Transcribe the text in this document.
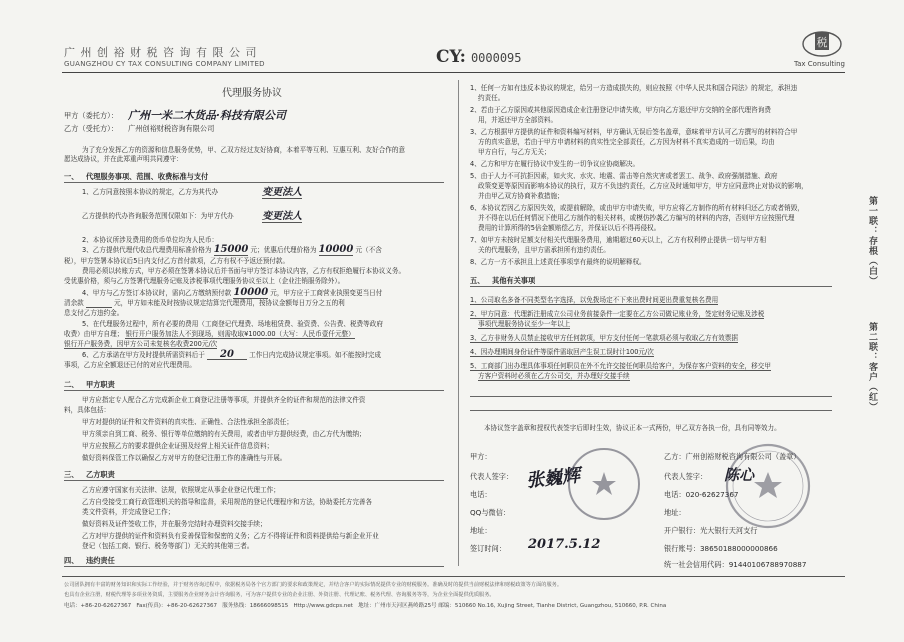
广 州 创 裕 财 税 咨 询 有 限 公 司
GUANGZHOU CY TAX CONSULTING COMPANY LIMITED	CY: 0000095
税
Tax Consulting
代理服务协议
甲方（委托方）： 广州一米二木货品·科技有限公司
乙方（受托方）： 广州创裕财税咨询有限公司
为了充分发挥乙方的资源和信息服务优势，甲、乙双方经过友好协商，本着平等互利、互惠互利、友好合作的意
愿达成协议，并在此郑重声明共同遵守：
一、 代理服务事项、范围、收费标准与支付
1、乙方同意按照本协议的规定，乙方为其代办	变更法人
乙方提供的代办咨询服务范围仅限如下：为甲方代办	变更法人
2、本协议所涉及费用的货币单位均为人民币：
3、乙方提供代理代收总代理费用标准价格为 15000 元；优惠后代理价格为 10000 元（不含
税），甲方签署本协议后5日内支付乙方首付款项，乙方有权不予返还预付款。
费用必须以转账方式，甲方必须在签署本协议后并书面与甲方签订本协议内容，乙方有权拒绝履行本协议义务。
受优惠价格，须与乙方签署代理服务记账及涉税事项代理服务协议至以上（企业注销服务除外）。
4、甲方与乙方签订本协议时，需向乙方缴纳预付款 10000 元，甲方应于工商营业执照变更当日付
清余款	元，甲方如未能及时按协议规定结算完代理费用，按协议金额每日万分之五的利
息支付乙方违约金。
5、在代理服务过程中，所有必要的费用（工商登记代理费、场地租赁费、验资费、公告费、税费等政府
收费）由甲方自理； 银行开户服务加法人不到现场，则需收取¥1000.00（大写：人民币壹仟元整）
银行开户服务费，因甲方公司未复核名收费200元/次
6、乙方承诺在甲方及时提供所需资料后于 20 工作日内完成协议规定事项。如不能按时完成
事项，乙方应全额退还已付的对应代理费用。
二、 甲方职责
甲方应指定专人配合乙方完成新企业工商登记注册等事项，并提供齐全的证件和规范的法律文件资
料，具体包括：
甲方对提供的证件和文件资料的真实性、正确性、合法性承担全部责任；
甲方须亲自到工商、税务、银行等单位缴纳的有关费用，或者由甲方提供经费，由乙方代为缴纳；
甲方应按照乙方的要求提供企业证照及经营上相关证件信息资料；
做好资料保管工作以确保乙方对甲方的登记注册工作的准确性与开展。
三、 乙方职责
乙方应遵守国家有关法律、法规，依照规定从事企业登记代理工作；
乙方自受接受工商行政管理机关的指导和监督，采用规范的登记代理程序和方法，协助委托方完善各
类文件资料，并完成登记工作；
做好资料及证件签收工作，并在服务完结时办理资料交接手续；
乙方对甲方提供的证件和资料负有妥善保管和保密的义务；乙方不得将证件和资料提供给与新企业开业
登记（包括工商、银行、税务等部门）无关的其他第三者。
四、 违约责任
1、任何一方如有违反本协议的规定，给另一方造成损失的，则应按照《中华人民共和国合同法》的规定，承担违
约责任。
2、若由于乙方原因或其他原因造成企业注册登记申请失败，甲方向乙方退还甲方交纳的全部代理咨询费
用，并返还甲方全部资料。
3、乙方根据甲方提供的证件和资料编写材料，甲方确认无误后签名盖章，意味着甲方认可乙方撰写的材料符合甲
方的真实意思，若由于甲方申请材料的真实性完全部责任，乙方因为材料不真实造成的一切后果，均由
甲方自行，与乙方无关；
4、乙方和甲方在履行协议中发生的一切争议应协商解决。
5、由于人力不可抗拒因素，如火灾、水灾、地震、雷击等自然灾害或者罢工、战争、政府强制措施、政府
政策变更等原因而影响本协议的执行，双方不负违约责任，乙方应及时通知甲方，甲方应同意终止对协议的影响，
并由甲乙双方协商补救措施；
6、本协议若因乙方原因失效，或提前解除，或由甲方申请失败，甲方应将乙方制作的所有材料归还乙方或者销毁，
并不得在以后任何情况下使用乙方制作的相关材料，或模仿抄袭乙方编写的材料的内容，否则甲方应按照代理
费用的计算所得的5倍金额赔偿乙方，并保证以后不得再侵权。
7、如甲方未按时足额支付相关代理服务费用，逾期超过60天以上，乙方有权利停止提供一切与甲方相
关的代理服务，且甲方需承担所有违约责任。
8、乙方一方不承担且上述责任事项享有最终的说明解释权。
五、 其他有关事项
1、公司取名多备不同类型名字选择，以免拨场定不下来出费时间更出费重复核名费用
2、甲方同意：代理新注册成立公司业务前接条件一定要在乙方公司做记账业务，签定财务记账及涉税
事项代理服务协议至少一年以上
3、乙方非财务人员禁止接收甲方任何款项，甲方支付任何一笔款项必须与收取乙方有效票据
4、因办理期间身份证件等原件需取回产生误工误时计100元/次
5、工商部门出办理具体事项任何职员在外不允许交接任何职员给客户，为保存客户资料的安全，移交甲
方客户资料时必须在乙方公司交，并办理好交接手续
本协议签字盖章和授权代表签字后即时生效，协议正本一式两份，甲乙双方各执一份，具有同等效力。
甲方：
代表人签字： 张巍辉
电话：
QQ与微信：
地址：
签订时间： 2017.5.12
乙方：广州创裕财税咨询有限公司（盖章）
代表人签字： 陈心
电话：020-62627367
地址：
开户银行：光大银行天河支行
银行账号：38650188000000866
统一社会信用代码：91440106788970887
第一联：存根（白）
第二联：客户（红）
公司团队拥有丰富的财务知识和实际工作经验，并于财务咨询过程中，依据税务局各个官方部门的要求和政策规定，并结合客户的实际情况提供专业的财税服务。准确及时的提供当前财税法律和财税政策等方面的服务。
也具有企业注册，财税代理等多项业务资质，主要服务企业财务会计咨询服务，可为客户提供专业的企业注册、外资注册、代理记账、税务代理、咨询服务等等，为企业全面提供优质服务。
电话：+86-20-62627367 Fax(传真)：+86-20-62627367 服务热线：18666098515 Http://www.gdcps.net 地址：广州市天河区燕岭路25号 邮编：510660 No.16, Xujing Street, Tianhe District, Guangzhou, 510660, P.R. China
